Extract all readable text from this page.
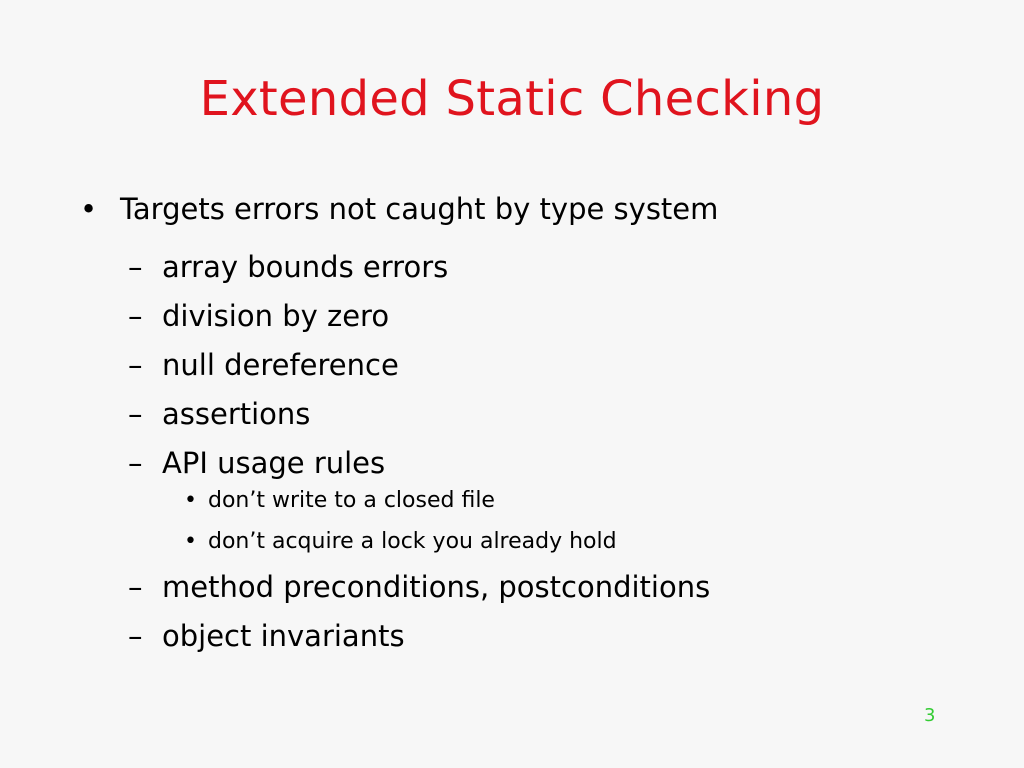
Extended Static Checking
• Targets errors not caught by type system
– array bounds errors
– division by zero
– null dereference
– assertions
– API usage rules
• don’t write to a closed file
• don’t acquire a lock you already hold
– method preconditions, postconditions
– object invariants
3
